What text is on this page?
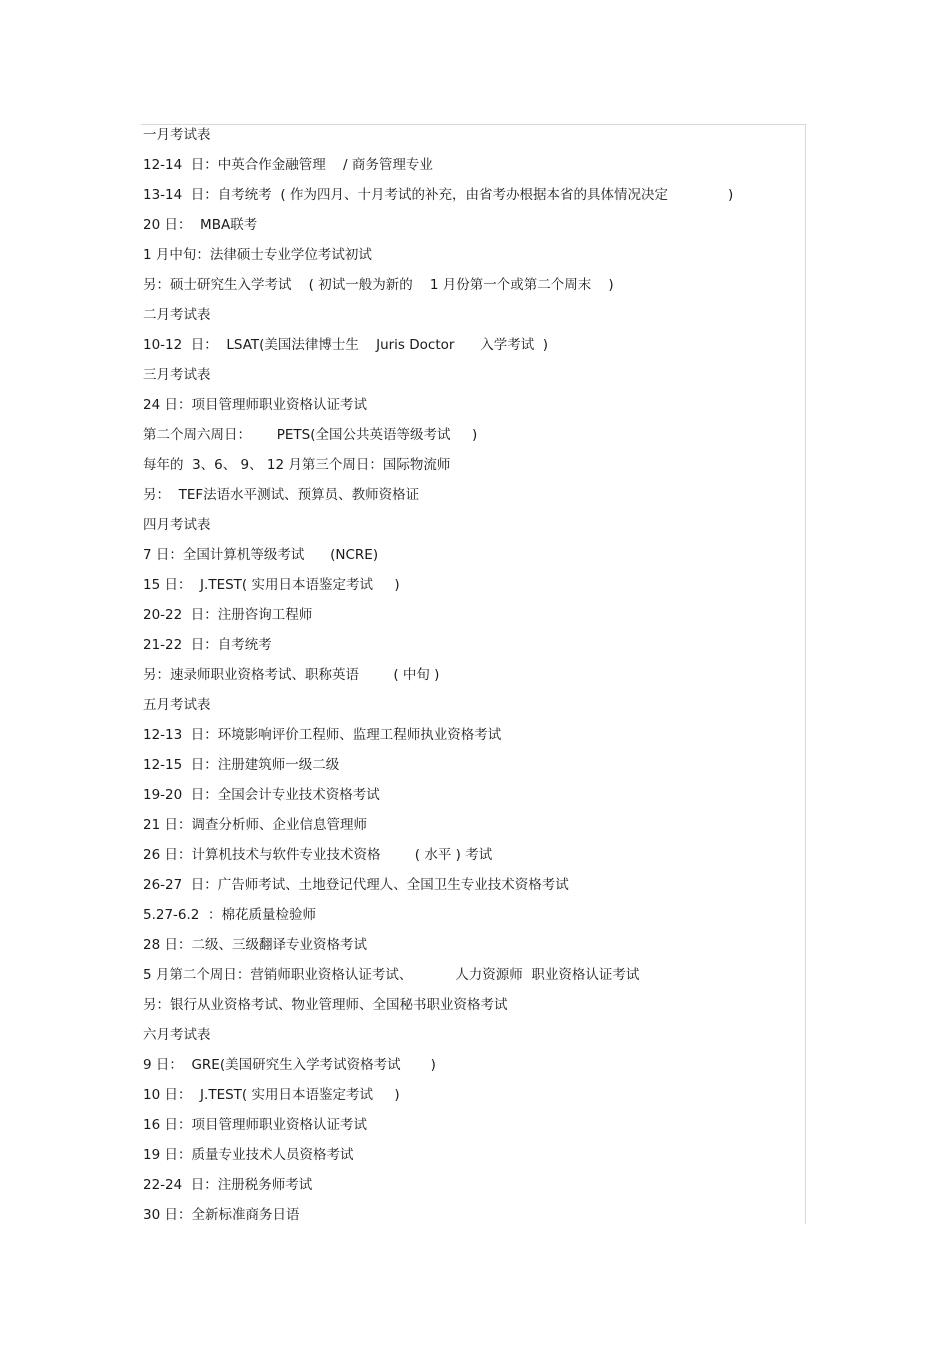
一月考试表
12-14  日：中英合作金融管理    / 商务管理专业
13-14  日：自考统考  ( 作为四月、十月考试的补充，由省考办根据本省的具体情况决定              )
20 日：  MBA联考
1 月中旬：法律硕士专业学位考试初试
另：硕士研究生入学考试    ( 初试一般为新的    1 月份第一个或第二个周末    )
二月考试表
10-12  日：  LSAT(美国法律博士生    Juris Doctor      入学考试  )
三月考试表
24 日：项目管理师职业资格认证考试
第二个周六周日：      PETS(全国公共英语等级考试     )
每年的  3、6、 9、 12 月第三个周日：国际物流师
另：  TEF法语水平测试、预算员、教师资格证
四月考试表
7 日：全国计算机等级考试      (NCRE)
15 日：  J.TEST( 实用日本语鉴定考试     )
20-22  日：注册咨询工程师
21-22  日：自考统考
另：速录师职业资格考试、职称英语        ( 中旬 )
五月考试表
12-13  日：环境影响评价工程师、监理工程师执业资格考试
12-15  日：注册建筑师一级二级
19-20  日：全国会计专业技术资格考试
21 日：调查分析师、企业信息管理师
26 日：计算机技术与软件专业技术资格        ( 水平 ) 考试
26-27  日：广告师考试、土地登记代理人、全国卫生专业技术资格考试
5.27-6.2  ：棉花质量检验师
28 日：二级、三级翻译专业资格考试
5 月第二个周日：营销师职业资格认证考试、          人力资源师  职业资格认证考试
另：银行从业资格考试、物业管理师、全国秘书职业资格考试
六月考试表
9 日：  GRE(美国研究生入学考试资格考试       )
10 日：  J.TEST( 实用日本语鉴定考试     )
16 日：项目管理师职业资格认证考试
19 日：质量专业技术人员资格考试
22-24  日：注册税务师考试
30 日：全新标准商务日语
